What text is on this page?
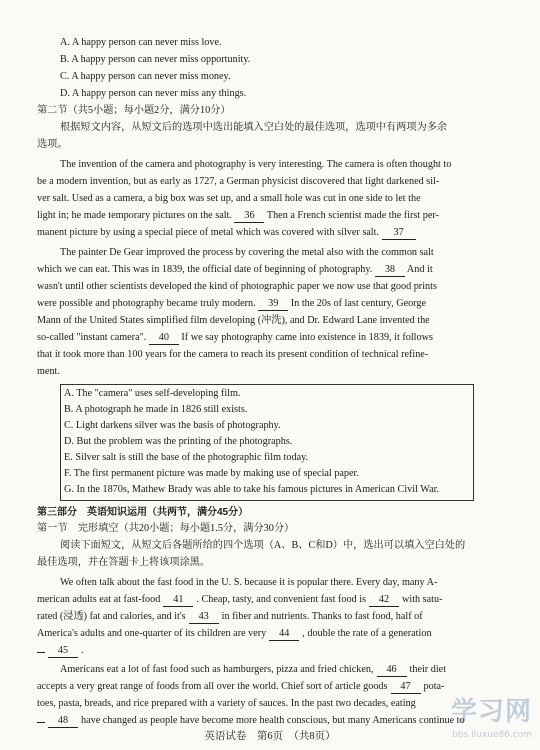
A. A happy person can never miss love.
B. A happy person can never miss opportunity.
C. A happy person can never miss money.
D. A happy person can never miss any things.
第二节（共5小题；每小题2分，满分10分）
根据短文内容，从短文后的选项中选出能填入空白处的最佳选项，选项中有两项为多余
选项。
The invention of the camera and photography is very interesting. The camera is often thought to
be a modern invention, but as early as 1727, a German physicist discovered that light darkened sil-
ver salt. Used as a camera, a big box was set up, and a small hole was cut in one side to let the
light in; he made temporary pictures on the salt. 36 Then a French scientist made the first per-
manent picture by using a special piece of metal which was covered with silver salt. 37
The painter De Gear improved the process by covering the metal also with the common salt
which we can eat. This was in 1839, the official date of beginning of photography. 38 And it
wasn't until other scientists developed the kind of photographic paper we now use that good prints
were possible and photography became truly modern. 39 In the 20s of last century, George
Mann of the United States simplified film developing (冲洗), and Dr. Edward Lane invented the
so-called "instant camera". 40 If we say photography came into existence in 1839, it follows
that it took more than 100 years for the camera to reach its present condition of technical refine-
ment.
A. The "camera" uses self-developing film.
B. A photograph he made in 1826 still exists.
C. Light darkens silver was the basis of photography.
D. But the problem was the printing of the photographs.
E. Silver salt is still the base of the photographic film today.
F. The first permanent picture was made by making use of special paper.
G. In the 1870s, Mathew Brady was able to take his famous pictures in American Civil War.
第三部分　英语知识运用（共两节，满分45分）
第一节　完形填空（共20小题；每小题1.5分，满分30分）
阅读下面短文，从短文后各题所给的四个选项（A、B、C和D）中，选出可以填入空白处的
最佳选项，并在答题卡上将该项涂黑。
We often talk about the fast food in the U. S. because it is popular there. Every day, many A-
merican adults eat at fast-food 41 . Cheap, tasty, and convenient fast food is 42 with satu-
rated (浸透) fat and calories, and it's 43 in fiber and nutrients. Thanks to fast food, half of
America's adults and one-quarter of its children are very 44 , double the rate of a generation
45 .
Americans eat a lot of fast food such as hamburgers, pizza and fried chicken, 46 their diet
accepts a very great range of foods from all over the world. Chief sort of article goods 47 pota-
toes, pasta, breads, and rice prepared with a variety of sauces. In the past two decades, eating
48 have changed as people have become more health conscious, but many Americans continue to
英语试卷　第6页　（共8页）
学习网
bbs.liuxue86.com
